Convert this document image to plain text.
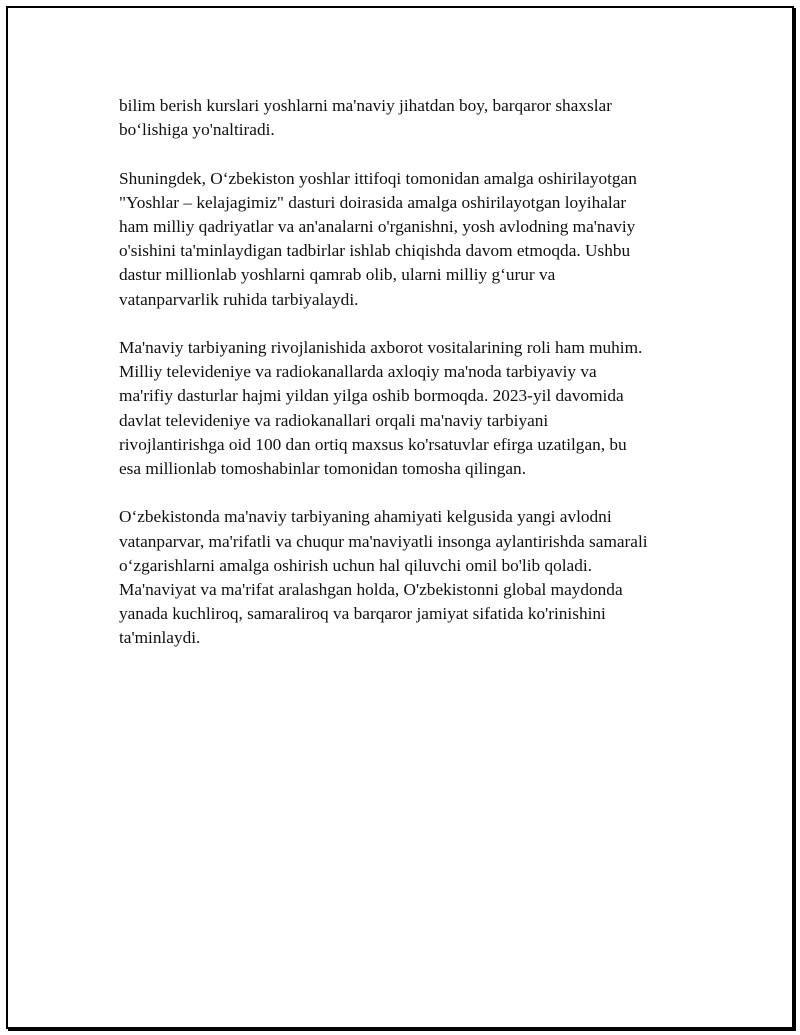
bilim berish kurslari yoshlarni ma'naviy jihatdan boy, barqaror shaxslar
bo‘lishiga yo'naltiradi.

Shuningdek, O‘zbekiston yoshlar ittifoqi tomonidan amalga oshirilayotgan
"Yoshlar – kelajagimiz" dasturi doirasida amalga oshirilayotgan loyihalar
ham milliy qadriyatlar va an'analarni o'rganishni, yosh avlodning ma'naviy
o'sishini ta'minlaydigan tadbirlar ishlab chiqishda davom etmoqda. Ushbu
dastur millionlab yoshlarni qamrab olib, ularni milliy g‘urur va
vatanparvarlik ruhida tarbiyalaydi.

Ma'naviy tarbiyaning rivojlanishida axborot vositalarining roli ham muhim.
Milliy televideniye va radiokanallarda axloqiy ma'noda tarbiyaviy va
ma'rifiy dasturlar hajmi yildan yilga oshib bormoqda. 2023-yil davomida
davlat televideniye va radiokanallari orqali ma'naviy tarbiyani
rivojlantirishga oid 100 dan ortiq maxsus ko'rsatuvlar efirga uzatilgan, bu
esa millionlab tomoshabinlar tomonidan tomosha qilingan.

O‘zbekistonda ma'naviy tarbiyaning ahamiyati kelgusida yangi avlodni
vatanparvar, ma'rifatli va chuqur ma'naviyatli insonga aylantirishda samarali
o‘zgarishlarni amalga oshirish uchun hal qiluvchi omil bo'lib qoladi.
Ma'naviyat va ma'rifat aralashgan holda, O'zbekistonni global maydonda
yanada kuchliroq, samaraliroq va barqaror jamiyat sifatida ko'rinishini
ta'minlaydi.
